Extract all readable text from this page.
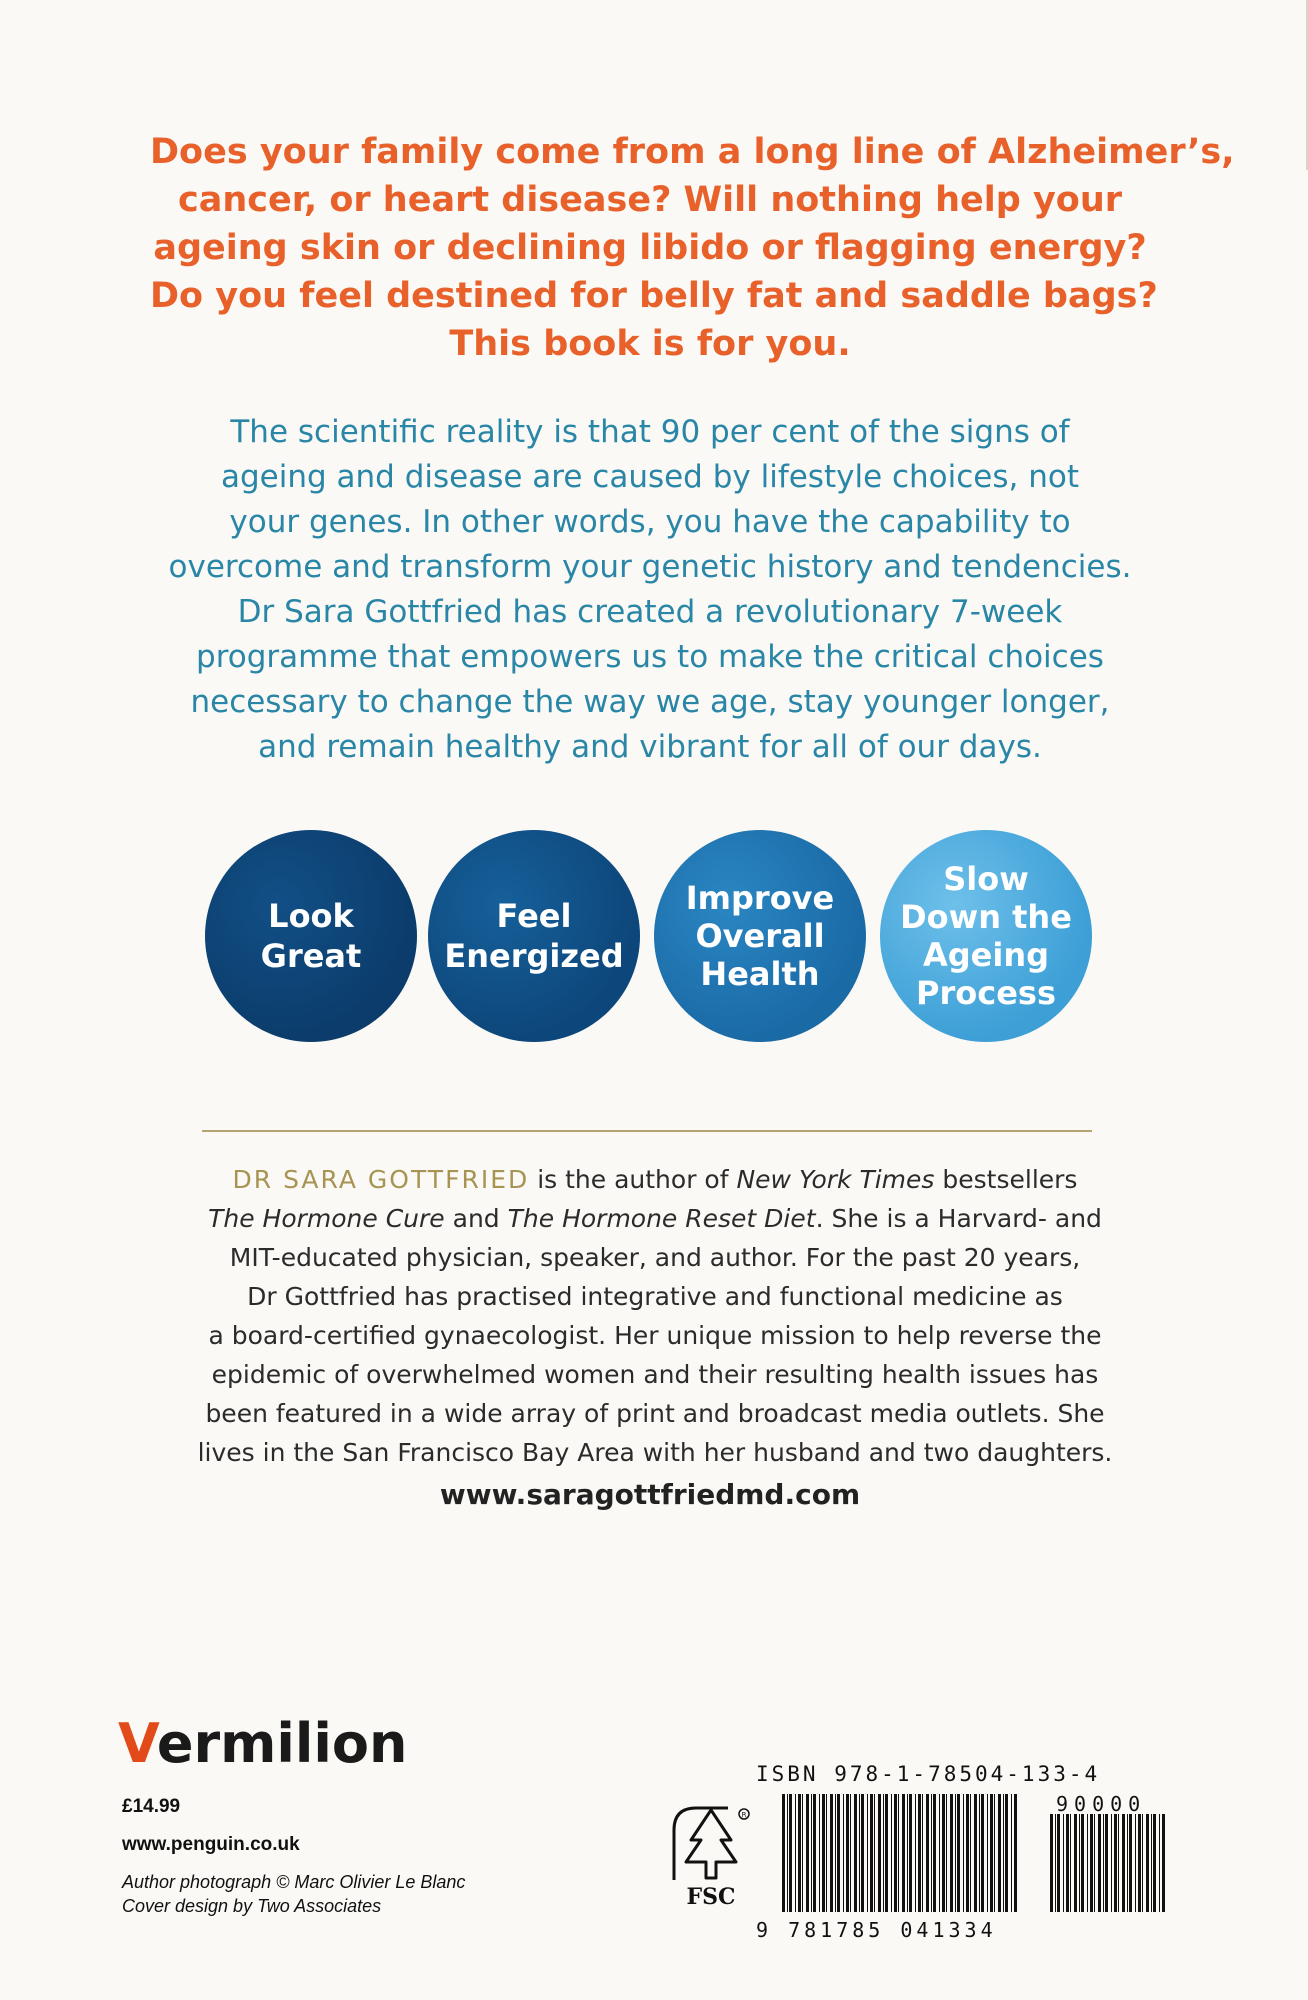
Does your family come from a long line of Alzheimer’s,
cancer, or heart disease? Will nothing help your
ageing skin or declining libido or flagging energy?
Do you feel destined for belly fat and saddle bags?
This book is for you.
The scientific reality is that 90 per cent of the signs of
ageing and disease are caused by lifestyle choices, not
your genes. In other words, you have the capability to
overcome and transform your genetic history and tendencies.
Dr Sara Gottfried has created a revolutionary 7-week
programme that empowers us to make the critical choices
necessary to change the way we age, stay younger longer,
and remain healthy and vibrant for all of our days.
Look
Great
Feel
Energized
Improve
Overall
Health
Slow
Down the
Ageing
Process
DR SARA GOTTFRIED is the author of New York Times bestsellers
The Hormone Cure and The Hormone Reset Diet. She is a Harvard- and
MIT-educated physician, speaker, and author. For the past 20 years,
Dr Gottfried has practised integrative and functional medicine as
a board-certified gynaecologist. Her unique mission to help reverse the
epidemic of overwhelmed women and their resulting health issues has
been featured in a wide array of print and broadcast media outlets. She
lives in the San Francisco Bay Area with her husband and two daughters.
www.saragottfriedmd.com
Vermilion
£14.99
www.penguin.co.uk
Author photograph © Marc Olivier Le Blanc
Cover design by Two Associates
ISBN 978-1-78504-133-4
R
FSC
9 781785 041334
90000
